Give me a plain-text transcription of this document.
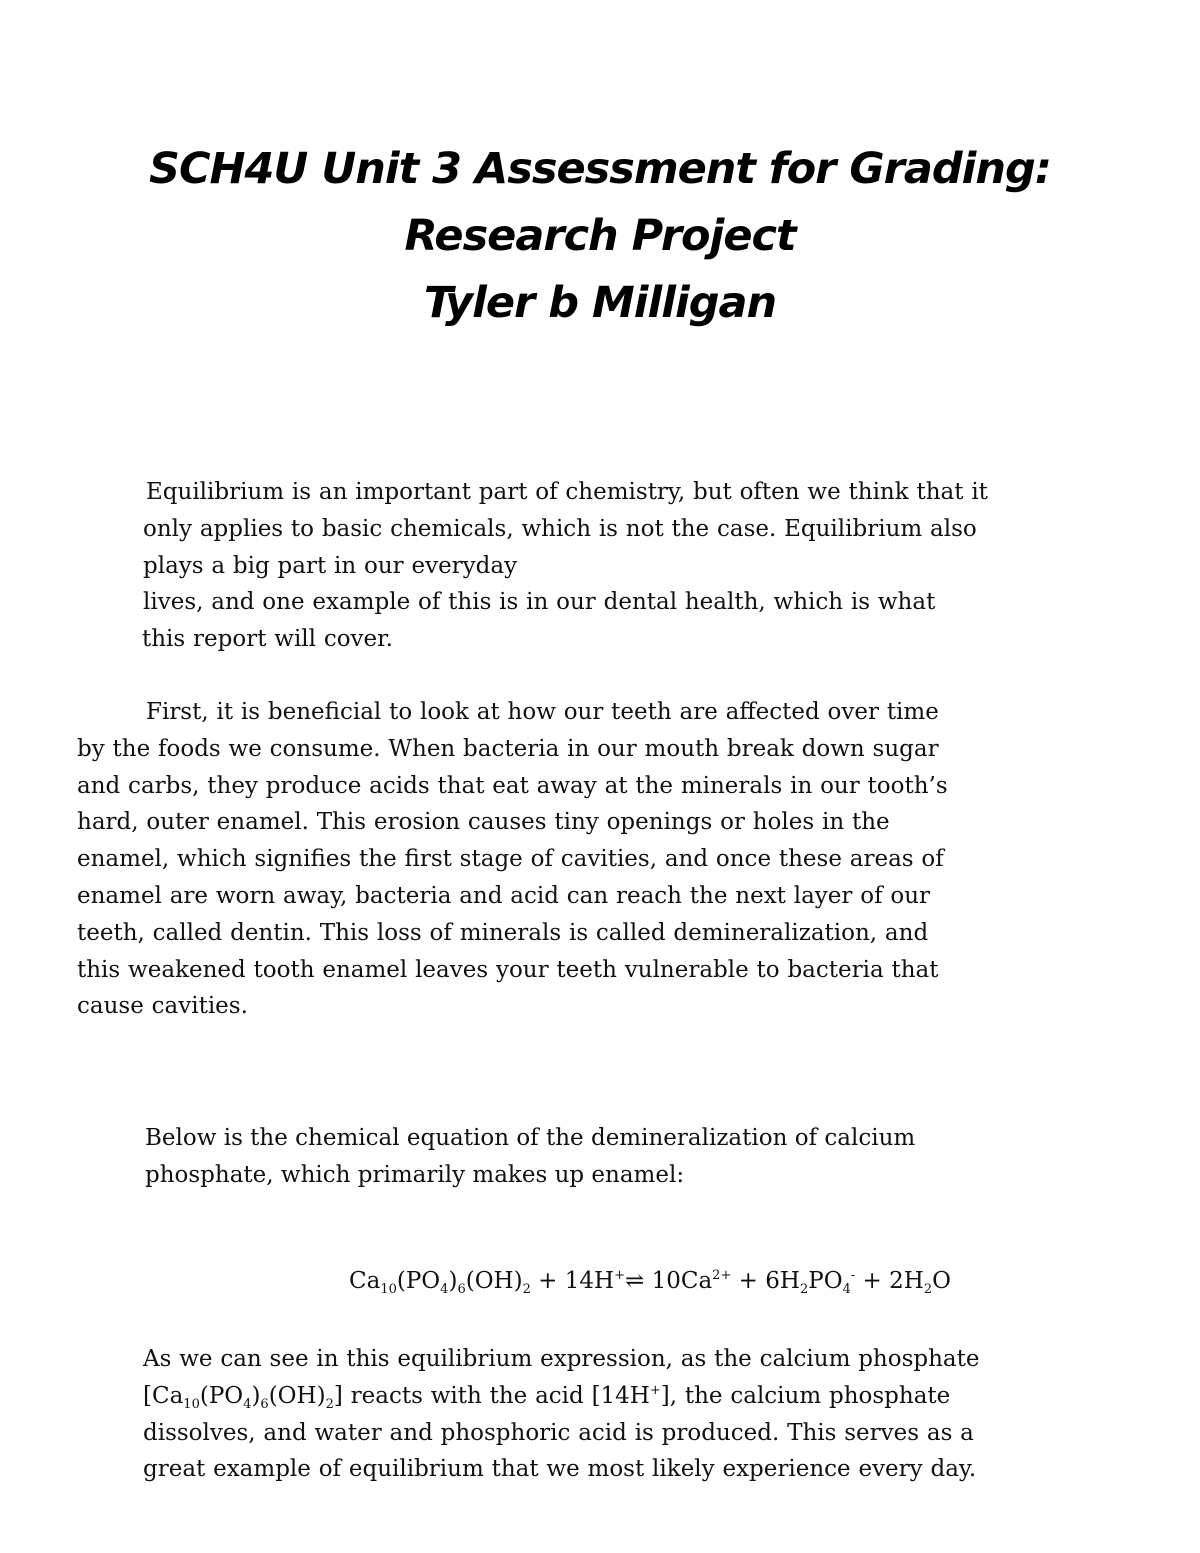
SCH4U Unit 3 Assessment for Grading:
Research Project
Tyler b Milligan

Equilibrium is an important part of chemistry, but often we think that it
only applies to basic chemicals, which is not the case. Equilibrium also
plays a big part in our everyday
lives, and one example of this is in our dental health, which is what
this report will cover.

First, it is beneficial to look at how our teeth are affected over time
by the foods we consume. When bacteria in our mouth break down sugar
and carbs, they produce acids that eat away at the minerals in our tooth’s
hard, outer enamel. This erosion causes tiny openings or holes in the
enamel, which signifies the first stage of cavities, and once these areas of
enamel are worn away, bacteria and acid can reach the next layer of our
teeth, called dentin. This loss of minerals is called demineralization, and
this weakened tooth enamel leaves your teeth vulnerable to bacteria that
cause cavities.

Below is the chemical equation of the demineralization of calcium
phosphate, which primarily makes up enamel:

$Ca_{10}(PO_4)_6(OH)_2$ + 14H+⇌ $10Ca^{2+} + 6H_2PO_4^- + 2H_2O$

As we can see in this equilibrium expression, as the calcium phosphate
$[Ca_{10}(PO_4)_6(OH)_2]$ reacts with the acid [14H+], the calcium phosphate
dissolves, and water and phosphoric acid is produced. This serves as a
great example of equilibrium that we most likely experience every day.
